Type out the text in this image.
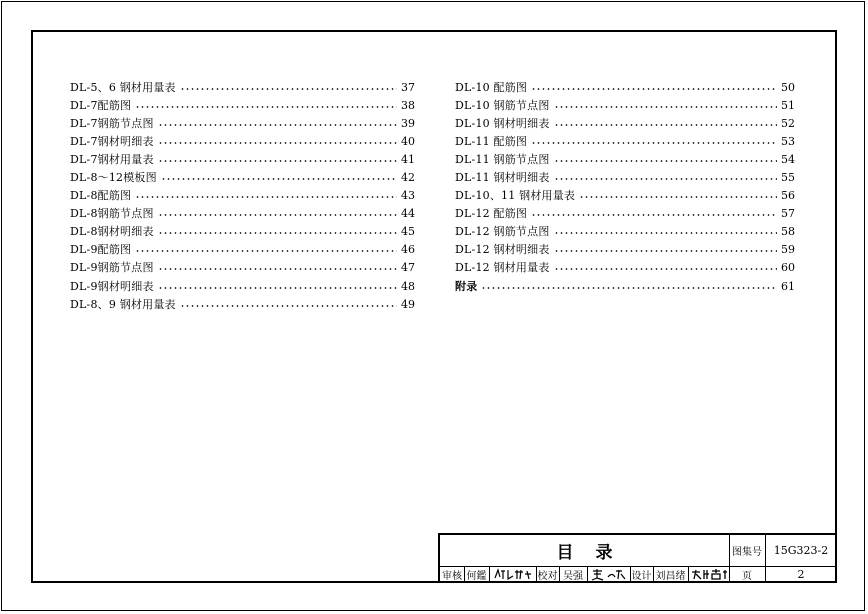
DL-5、6 钢材用量表	37
DL-7配筋图	38
DL-7钢筋节点图	39
DL-7钢材明细表	40
DL-7钢材用量表	41
DL-8～12模板图	42
DL-8配筋图	43
DL-8钢筋节点图	44
DL-8钢材明细表	45
DL-9配筋图	46
DL-9钢筋节点图	47
DL-9钢材明细表	48
DL-8、9 钢材用量表	49
DL-10 配筋图	50
DL-10 钢筋节点图	51
DL-10 钢材明细表	52
DL-11 配筋图	53
DL-11 钢筋节点图	54
DL-11 钢材明细表	55
DL-10、11 钢材用量表	56
DL-12 配筋图	57
DL-12 钢筋节点图	58
DL-12 钢材明细表	59
DL-12 钢材用量表	60
附录	61
目录	图集号	15G323-2
审核 何鑑	校对 吴强	设计 刘昌绪	页	2
